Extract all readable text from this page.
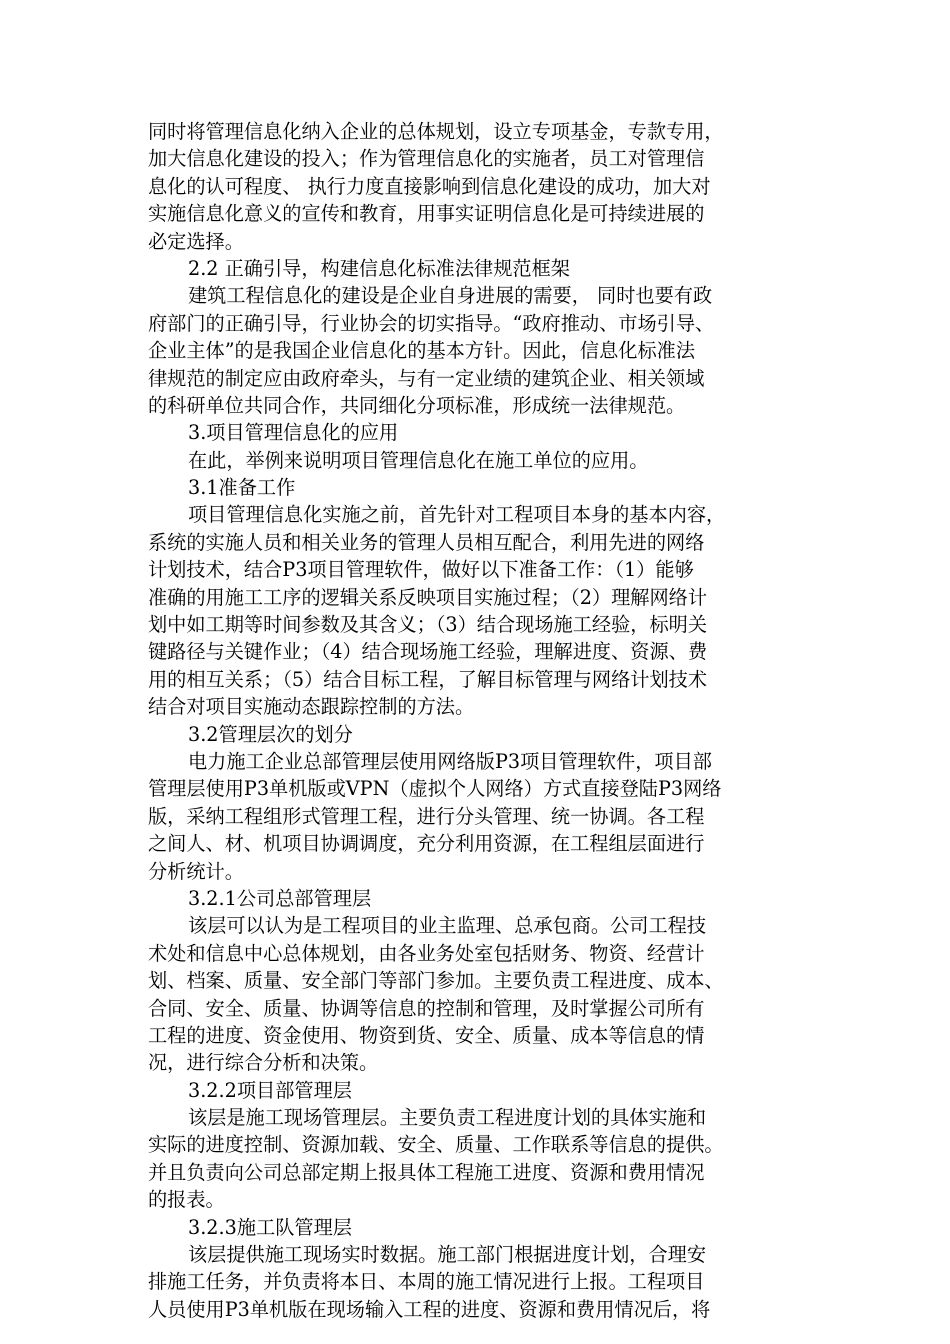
同时将管理信息化纳入企业的总体规划，设立专项基金，专款专用，
加大信息化建设的投入；作为管理信息化的实施者，员工对管理信
息化的认可程度、 执行力度直接影响到信息化建设的成功，加大对
实施信息化意义的宣传和教育，用事实证明信息化是可持续进展的
必定选择。
2.2 正确引导，构建信息化标准法律规范框架
建筑工程信息化的建设是企业自身进展的需要， 同时也要有政
府部门的正确引导，行业协会的切实指导。“政府推动、市场引导、
企业主体”的是我国企业信息化的基本方针。因此，信息化标准法
律规范的制定应由政府牵头，与有一定业绩的建筑企业、相关领域
的科研单位共同合作，共同细化分项标准，形成统一法律规范。
3.项目管理信息化的应用
在此，举例来说明项目管理信息化在施工单位的应用。
3.1准备工作
项目管理信息化实施之前，首先针对工程项目本身的基本内容，
系统的实施人员和相关业务的管理人员相互配合，利用先进的网络
计划技术，结合P3项目管理软件，做好以下准备工作：（1）能够
准确的用施工工序的逻辑关系反映项目实施过程；（2）理解网络计
划中如工期等时间参数及其含义；（3）结合现场施工经验，标明关
键路径与关键作业；（4）结合现场施工经验，理解进度、资源、费
用的相互关系；（5）结合目标工程，了解目标管理与网络计划技术
结合对项目实施动态跟踪控制的方法。
3.2管理层次的划分
电力施工企业总部管理层使用网络版P3项目管理软件，项目部
管理层使用P3单机版或VPN（虚拟个人网络）方式直接登陆P3网络
版，采纳工程组形式管理工程，进行分头管理、统一协调。各工程
之间人、材、机项目协调调度，充分利用资源，在工程组层面进行
分析统计。
3.2.1公司总部管理层
该层可以认为是工程项目的业主监理、总承包商。公司工程技
术处和信息中心总体规划，由各业务处室包括财务、物资、经营计
划、档案、质量、安全部门等部门参加。主要负责工程进度、成本、
合同、安全、质量、协调等信息的控制和管理，及时掌握公司所有
工程的进度、资金使用、物资到货、安全、质量、成本等信息的情
况，进行综合分析和决策。
3.2.2项目部管理层
该层是施工现场管理层。主要负责工程进度计划的具体实施和
实际的进度控制、资源加载、安全、质量、工作联系等信息的提供。
并且负责向公司总部定期上报具体工程施工进度、资源和费用情况
的报表。
3.2.3施工队管理层
该层提供施工现场实时数据。施工部门根据进度计划，合理安
排施工任务，并负责将本日、本周的施工情况进行上报。工程项目
人员使用P3单机版在现场输入工程的进度、资源和费用情况后，将
